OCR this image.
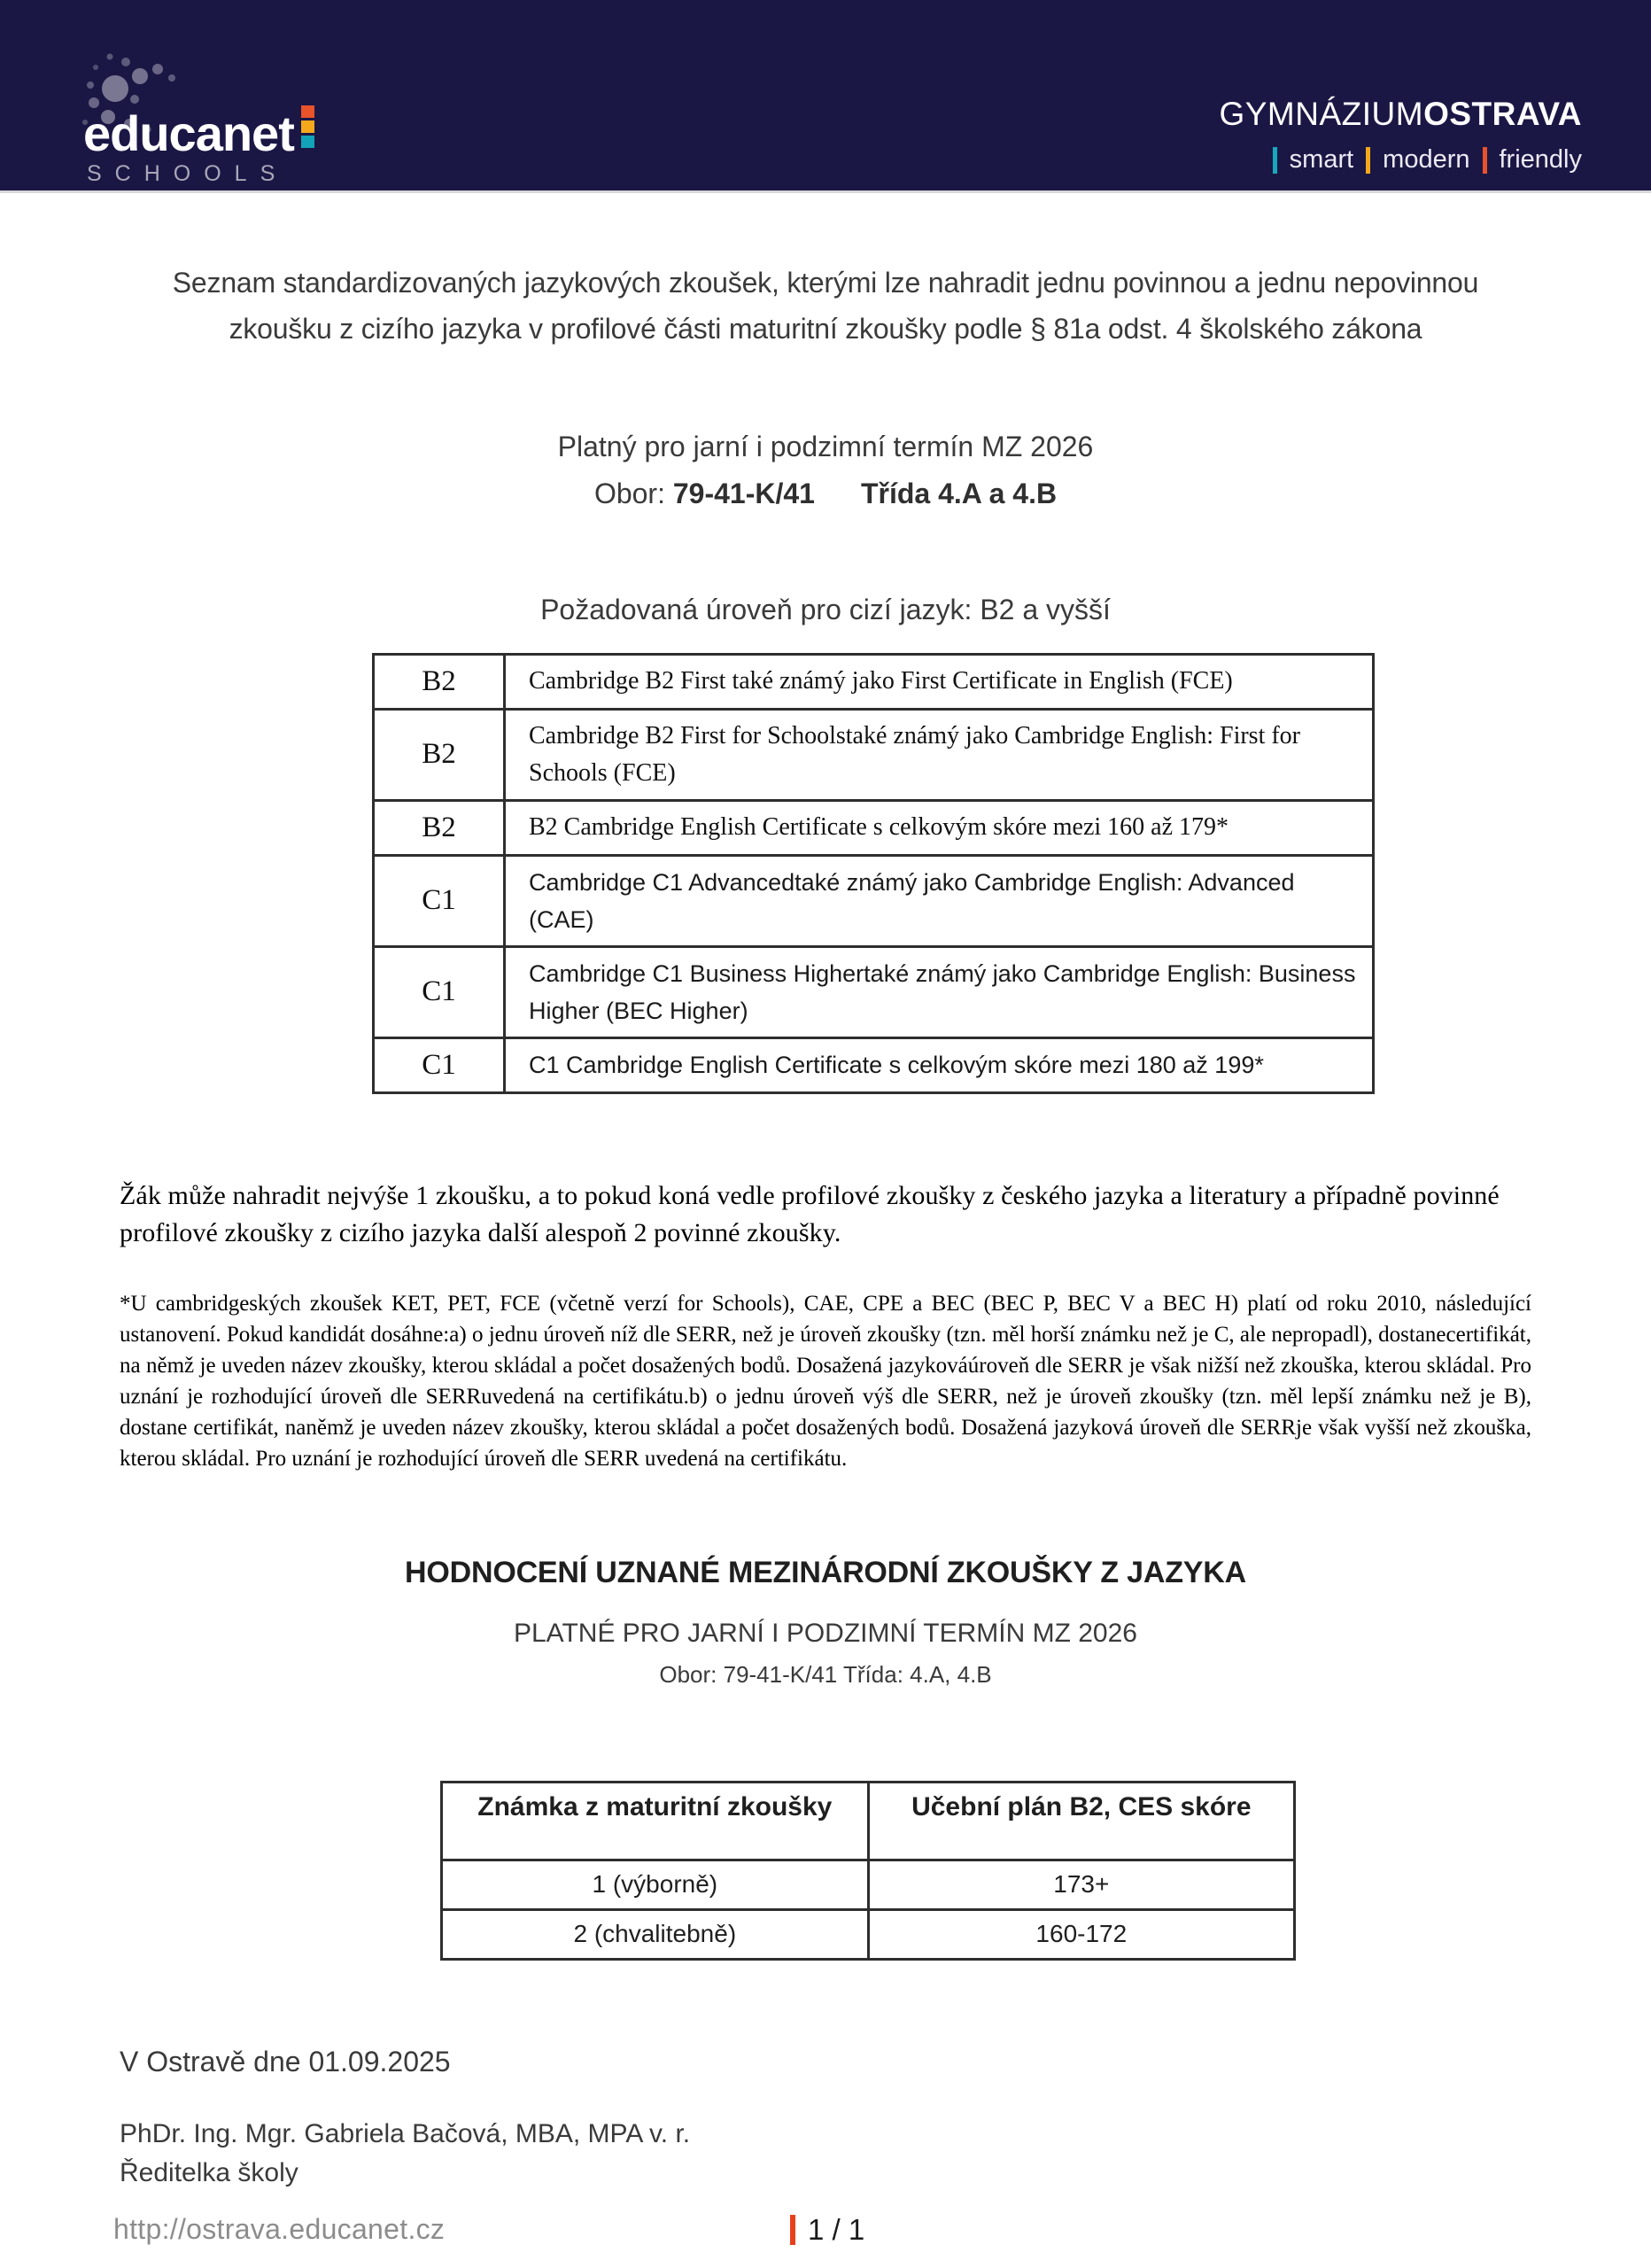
educanet
SCHOOLS
GYMNÁZIUMOSTRAVA
smart modern friendly
Seznam standardizovaných jazykových zkoušek, kterými lze nahradit jednu povinnou a jednu nepovinnou zkoušku z cizího jazyka v profilové části maturitní zkoušky podle § 81a odst. 4 školského zákona
Platný pro jarní i podzimní termín MZ 2026
Obor: 79-41-K/41 Třída 4.A a 4.B
Požadovaná úroveň pro cizí jazyk: B2 a vyšší
B2	Cambridge B2 First také známý jako First Certificate in English (FCE)
B2	Cambridge B2 First for Schoolstaké známý jako Cambridge English: First for Schools (FCE)
B2	B2 Cambridge English Certificate s celkovým skóre mezi 160 až 179*
C1	Cambridge C1 Advancedtaké známý jako Cambridge English: Advanced (CAE)
C1	Cambridge C1 Business Highertaké známý jako Cambridge English: Business Higher (BEC Higher)
C1	C1 Cambridge English Certificate s celkovým skóre mezi 180 až 199*
Žák může nahradit nejvýše 1 zkoušku, a to pokud koná vedle profilové zkoušky z českého jazyka a literatury a případně povinné profilové zkoušky z cizího jazyka další alespoň 2 povinné zkoušky.
*U cambridgeských zkoušek KET, PET, FCE (včetně verzí for Schools), CAE, CPE a BEC (BEC P, BEC V a BEC H) platí od roku 2010, následující ustanovení. Pokud kandidát dosáhne:a) o jednu úroveň níž dle SERR, než je úroveň zkoušky (tzn. měl horší známku než je C, ale nepropadl), dostanecertifikát, na němž je uveden název zkoušky, kterou skládal a počet dosažených bodů. Dosažená jazykováúroveň dle SERR je však nižší než zkouška, kterou skládal. Pro uznání je rozhodující úroveň dle SERRuvedená na certifikátu.b) o jednu úroveň výš dle SERR, než je úroveň zkoušky (tzn. měl lepší známku než je B), dostane certifikát, naněmž je uveden název zkoušky, kterou skládal a počet dosažených bodů. Dosažená jazyková úroveň dle SERRje však vyšší než zkouška, kterou skládal. Pro uznání je rozhodující úroveň dle SERR uvedená na certifikátu.
HODNOCENÍ UZNANÉ MEZINÁRODNÍ ZKOUŠKY Z JAZYKA
PLATNÉ PRO JARNÍ I PODZIMNÍ TERMÍN MZ 2026
Obor: 79-41-K/41 Třída: 4.A, 4.B
Známka z maturitní zkoušky	Učební plán B2, CES skóre
1 (výborně)	173+
2 (chvalitebně)	160-172
V Ostravě dne 01.09.2025
PhDr. Ing. Mgr. Gabriela Bačová, MBA, MPA v. r.
Ředitelka školy
http://ostrava.educanet.cz	1 / 1
